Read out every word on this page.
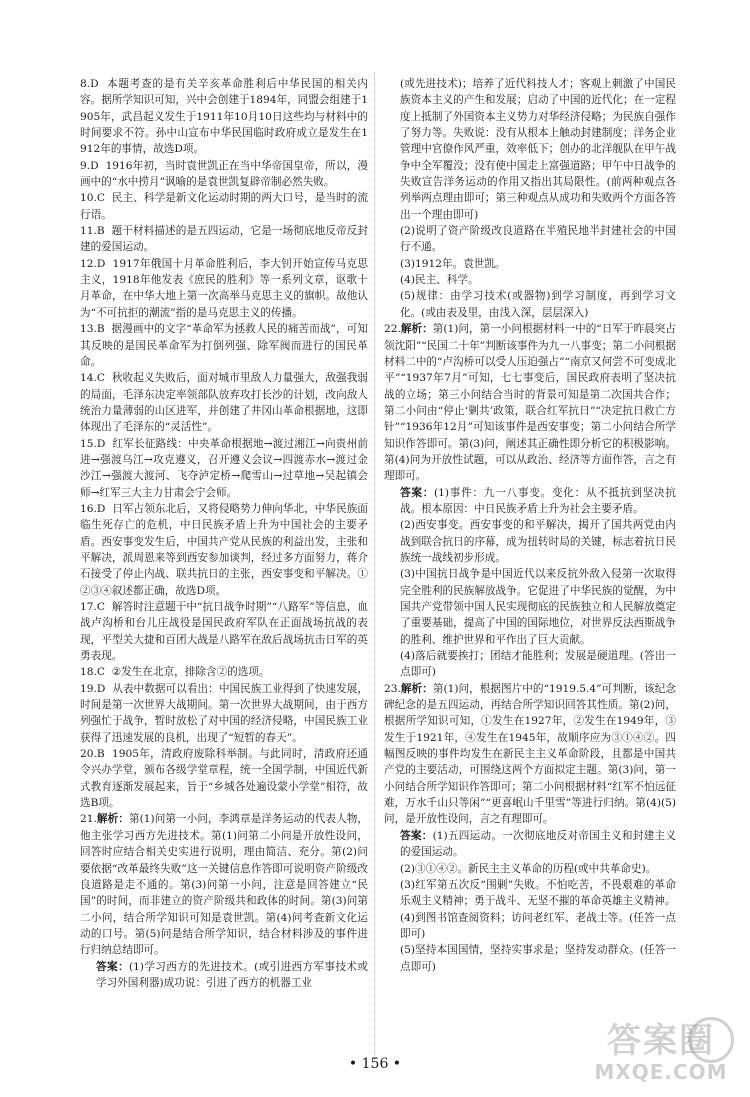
8.D 本题考查的是有关辛亥革命胜利后中华民国的相关内容。据所学知识可知，兴中会创建于1894年，同盟会组建于1905年，武昌起义发生于1911年10月10日这些均与材料中的时间要求不符。孙中山宣布中华民国临时政府成立是发生在1912年的事情，故选D项。

9.D 1916年初，当时袁世凯正在当中华帝国皇帝，所以，漫画中的“水中捞月”讽喻的是袁世凯复辟帝制必然失败。

10.C 民主、科学是新文化运动时期的两大口号，是当时的流行语。

11.B 题干材料描述的是五四运动，它是一场彻底地反帝反封建的爱国运动。

12.D 1917年俄国十月革命胜利后，李大钊开始宣传马克思主义，1918年他发表《庶民的胜利》等一系列文章，讴歌十月革命，在中华大地上第一次高举马克思主义的旗帜。故他认为“不可抗拒的潮流”指的是马克思主义的传播。

13.B 据漫画中的文字“革命军为拯救人民的痛苦而战”，可知其反映的是国民革命军为打倒列强、除军阀而进行的国民革命。

14.C 秋收起义失败后，面对城市里敌人力量强大，敌强我弱的局面，毛泽东决定率领部队放弃攻打长沙的计划，改向敌人统治力量薄弱的山区进军，并创建了井冈山革命根据地，这即体现出了毛泽东的“灵活性”。

15.D 红军长征路线：中央革命根据地→渡过湘江→向贵州前进→强渡乌江→攻克遵义，召开遵义会议→四渡赤水→渡过金沙江→强渡大渡河、飞夺泸定桥→爬雪山→过草地→吴起镇会师→红军三大主力甘肃会宁会师。

16.D 日军占领东北后，又将侵略势力伸向华北，中华民族面临生死存亡的危机，中日民族矛盾上升为中国社会的主要矛盾。西安事变发生后，中国共产党从民族的利益出发，主张和平解决，派周恩来等到西安参加谈判，经过多方面努力，蒋介石接受了停止内战、联共抗日的主张，西安事变和平解决。①②③④叙述都正确，故选D项。

17.C 解答时注意题干中“抗日战争时期”“八路军”等信息，血战卢沟桥和台儿庄战役是国民政府军队在正面战场抗战的表现，平型关大捷和百团大战是八路军在敌后战场抗击日军的英勇表现。

18.C ②发生在北京，排除含②的选项。

19.D 从表中数据可以看出：中国民族工业得到了快速发展，时间是第一次世界大战期间。第一次世界大战期间，由于西方列强忙于战争，暂时放松了对中国的经济侵略，中国民族工业获得了迅速发展的良机，出现了“短暂的春天”。

20.B 1905年，清政府废除科举制。与此同时，清政府还通令兴办学堂，颁布各级学堂章程，统一全国学制，中国近代新式教育逐渐发展起来，旨于“乡城各处遍设蒙小学堂”相符，故选B项。

21.解析：第(1)问第一小问，李鸿章是洋务运动的代表人物，他主张学习西方先进技术。第(1)问第二小问是开放性设问，回答时应结合相关史实进行说明，理由简洁、充分。第(2)问要依据“改革最终失败”这一关键信息作答即可说明资产阶级改良道路是走不通的。第(3)问第一小问，注意是回答建立“民国”的时间，而非建立的资产阶级共和政体的时间。第(3)问第二小问，结合所学知识可知是袁世凯。第(4)问考查新文化运动的口号。第(5)问是结合所学知识，结合材料涉及的事件进行归纳总结即可。

答案：(1)学习西方的先进技术。(或引进西方军事技术或学习外国利器)成功说：引进了西方的机器工业

(或先进技术)；培养了近代科技人才；客观上刺激了中国民族资本主义的产生和发展；启动了中国的近代化；在一定程度上抵制了外国资本主义势力对华经济侵略；为民族自强作了努力等。失败说：没有从根本上触动封建制度；洋务企业管理中官僚作风严重，效率低下；创办的北洋舰队在甲午战争中全军覆没；没有使中国走上富强道路；甲午中日战争的失败宣告洋务运动的作用又指出其局限性。(前两种观点各列举两点理由即可；第三种观点从成功和失败两个方面各答出一个理由即可)

(2)说明了资产阶级改良道路在半殖民地半封建社会的中国行不通。

(3)1912年。袁世凯。

(4)民主、科学。

(5)规律：由学习技术(或器物)到学习制度，再到学习文化。(或由表及里，由浅入深，层层深入)

22.解析：第(1)问，第一小问根据材料一中的“日军于昨晨突占领沈阳”“民国二十年”判断该事件为九一八事变；第二小问根据材料二中的“卢沟桥可以受人压迫强占”“南京又何尝不可变成北平”“1937年7月”可知，七七事变后，国民政府表明了坚决抗战的立场；第三小问结合当时的背景可知是第二次国共合作；第二小问由“停止‘剿共’政策，联合红军抗日”“决定抗日救亡方针”“1936年12月”可知该事件是西安事变；第二小问结合所学知识作答即可。第(3)问，阐述其正确性即分析它的积极影响。第(4)问为开放性试题，可以从政治、经济等方面作答，言之有理即可。

答案：(1)事件：九一八事变。变化：从不抵抗到坚决抗战。根本原因：中日民族矛盾上升为社会主要矛盾。

(2)西安事变。西安事变的和平解决，揭开了国共两党由内战到联合抗日的序幕，成为扭转时局的关键，标志着抗日民族统一战线初步形成。

(3)中国抗日战争是中国近代以来反抗外敌入侵第一次取得完全胜利的民族解放战争。它促进了中华民族的觉醒，为中国共产党带领中国人民实现彻底的民族独立和人民解放奠定了重要基础，提高了中国的国际地位，对世界反法西斯战争的胜利、维护世界和平作出了巨大贡献。

(4)落后就要挨打；团结才能胜利；发展是硬道理。(答出一点即可)

23.解析：第(1)问，根据图片中的“1919.5.4”可判断，该纪念碑纪念的是五四运动，再结合所学知识回答其性质。第(2)问，根据所学知识可知，①发生在1927年，②发生在1949年，③发生于1921年，④发生在1945年，故顺序应为③①④②。四幅图反映的事件均发生在新民主主义革命阶段，且都是中国共产党的主要活动，可围绕这两个方面拟定主题。第(3)问，第一小问结合所学知识作答即可；第二小问根据材料“红军不怕远征难，万水千山只等闲”“更喜岷山千里雪”等进行归纳。第(4)(5)问，是开放性设问，言之有理即可。

答案：(1)五四运动。一次彻底地反对帝国主义和封建主义的爱国运动。

(2)③①④②。新民主主义革命的历程(或中共革命史)。

(3)红军第五次反“围剿”失败。不怕吃苦，不畏艰难的革命乐观主义精神；勇于战斗、无坚不摧的革命英雄主义精神。

(4)到图书馆查阅资料；访问老红军、老战士等。(任答一点即可)

(5)坚持本国国情，坚持实事求是；坚持发动群众。(任答一点即可)

• 156 •
答案圈
MXQE.COM
